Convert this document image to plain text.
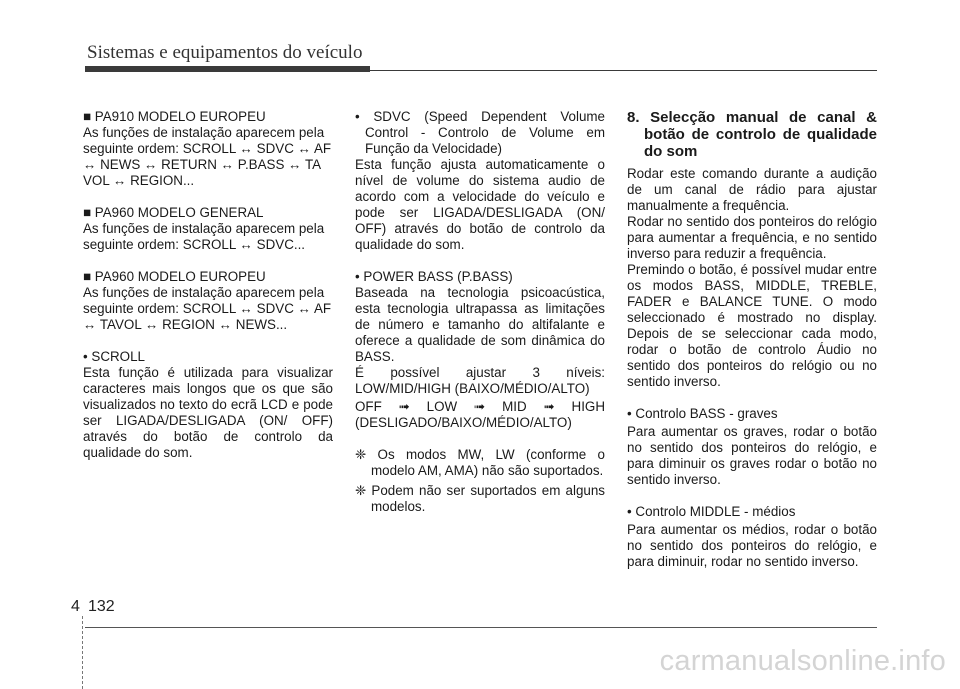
Sistemas e equipamentos do veículo

■ PA910 MODELO EUROPEU

As funções de instalação aparecem pela seguinte ordem: SCROLL ↔ SDVC ↔ AF ↔ NEWS ↔ RETURN ↔ P.BASS ↔ TA VOL ↔ REGION...

■ PA960 MODELO GENERAL

As funções de instalação aparecem pela seguinte ordem: SCROLL ↔ SDVC...

■ PA960 MODELO EUROPEU

As funções de instalação aparecem pela seguinte ordem: SCROLL ↔ SDVC ↔ AF ↔ TAVOL ↔ REGION ↔ NEWS...

• SCROLL

Esta função é utilizada para visualizar caracteres mais longos que os que são visualizados no texto do ecrã LCD e pode ser LIGADA/DESLIGADA (ON/ OFF) através do botão de controlo da qualidade do som.

• SDVC (Speed Dependent Volume Control - Controlo de Volume em Função da Velocidade)

Esta função ajusta automaticamente o nível de volume do sistema audio de acordo com a velocidade do veículo e pode ser LIGADA/DESLIGADA (ON/ OFF) através do botão de controlo da qualidade do som.

• POWER BASS (P.BASS)

Baseada na tecnologia psicoacústica, esta tecnologia ultrapassa as limitações de número e tamanho do altifalante e oferece a qualidade de som dinâmica do BASS.

É possível ajustar 3 níveis: LOW/MID/HIGH (BAIXO/MÉDIO/ALTO)

OFF ➟ LOW ➟ MID ➟ HIGH (DESLIGADO/BAIXO/MÉDIO/ALTO)

❈ Os modos MW, LW (conforme o modelo AM, AMA) não são suportados.

❈ Podem não ser suportados em alguns modelos.

8. Selecção manual de canal & botão de controlo de qualidade do som

Rodar este comando durante a audição de um canal de rádio para ajustar manualmente a frequência.

Rodar no sentido dos ponteiros do relógio para aumentar a frequência, e no sentido inverso para reduzir a frequência.

Premindo o botão, é possível mudar entre os modos BASS, MIDDLE, TREBLE, FADER e BALANCE TUNE. O modo seleccionado é mostrado no display. Depois de se seleccionar cada modo, rodar o botão de controlo Áudio no sentido dos ponteiros do relógio ou no sentido inverso.

• Controlo BASS - graves

Para aumentar os graves, rodar o botão no sentido dos ponteiros do relógio, e para diminuir os graves rodar o botão no sentido inverso.

• Controlo MIDDLE - médios

Para aumentar os médios, rodar o botão no sentido dos ponteiros do relógio, e para diminuir, rodar no sentido inverso.

4 132
carmanualsonline.info
